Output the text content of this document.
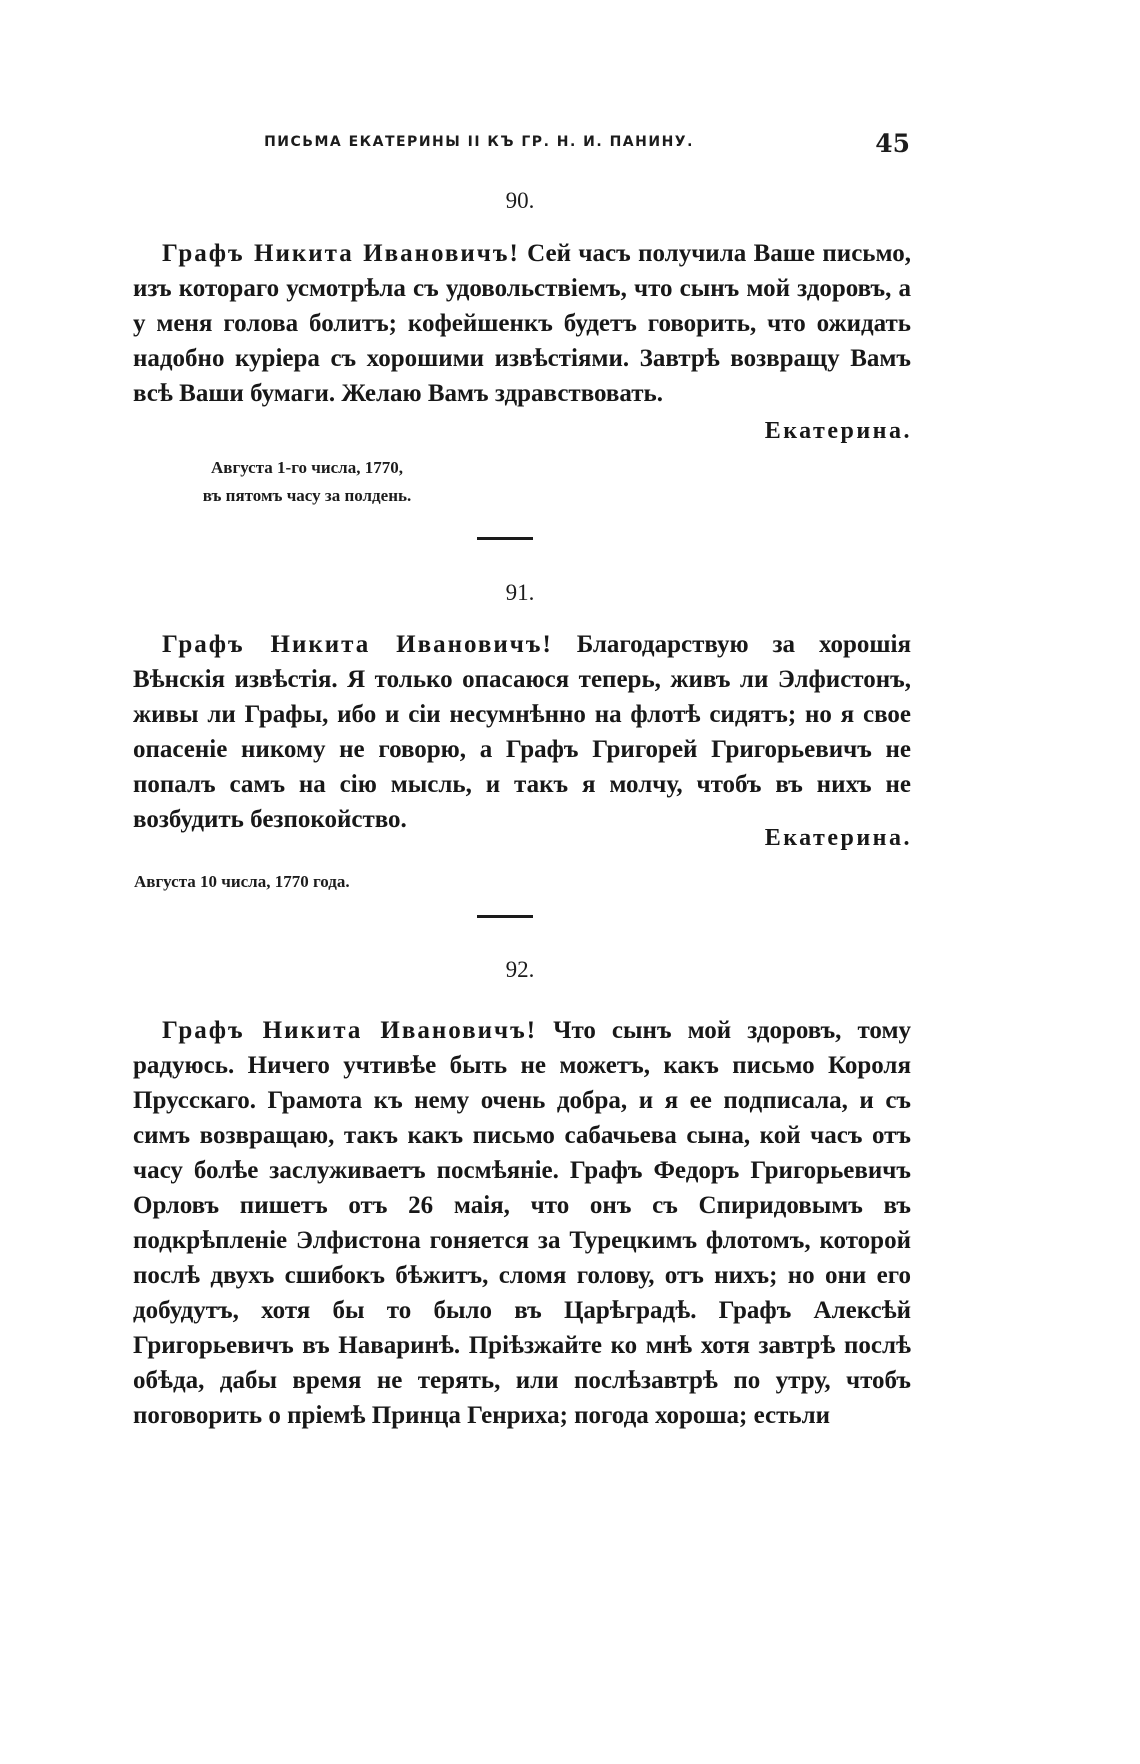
ПИСЬМА ЕКАТЕРИНЫ II КЪ ГР. Н. И. ПАНИНУ.	45
90.

Графъ Никита Ивановичъ! Сей часъ получила Ваше письмо, изъ котораго усмотрѣла съ удовольствіемъ, что сынъ мой здоровъ, а у меня голова болитъ; кофейшенкъ будетъ говорить, что ожидать надобно куріера съ хорошими извѣстіями. Завтрѣ возвращу Вамъ всѣ Ваши бумаги. Желаю Вамъ здравствовать.

Екатерина.
Августа 1-го числа, 1770,
въ пятомъ часу за полдень.
91.

Графъ Никита Ивановичъ! Благодарствую за хорошія Вѣнскія извѣстія. Я только опасаюся теперь, живъ ли Элфистонъ, живы ли Графы, ибо и сіи несумнѣнно на флотѣ сидятъ; но я свое опасеніе никому не говорю, а Графъ Григорей Григорьевичъ не попалъ самъ на сію мысль, и такъ я молчу, чтобъ въ нихъ не возбудить безпокойство.

Екатерина.
Августа 10 числа, 1770 года.
92.

Графъ Никита Ивановичъ! Что сынъ мой здоровъ, тому радуюсь. Ничего учтивѣе быть не можетъ, какъ письмо Короля Прусскаго. Грамота къ нему очень добра, и я ее подписала, и съ симъ возвращаю, такъ какъ письмо сабачьева сына, кой часъ отъ часу болѣе заслуживаетъ посмѣяніе. Графъ Федоръ Григорьевичъ Орловъ пишетъ отъ 26 маія, что онъ съ Спиридовымъ въ подкрѣпленіе Элфистона гоняется за Турецкимъ флотомъ, которой послѣ двухъ сшибокъ бѣжитъ, сломя голову, отъ нихъ; но они его добудутъ, хотя бы то было въ Царѣградѣ. Графъ Алексѣй Григорьевичъ въ Наваринѣ. Пріѣзжайте ко мнѣ хотя завтрѣ послѣ обѣда, дабы время не терять, или послѣзавтрѣ по утру, чтобъ поговорить о пріемѣ Принца Генриха; погода хороша; естьли
